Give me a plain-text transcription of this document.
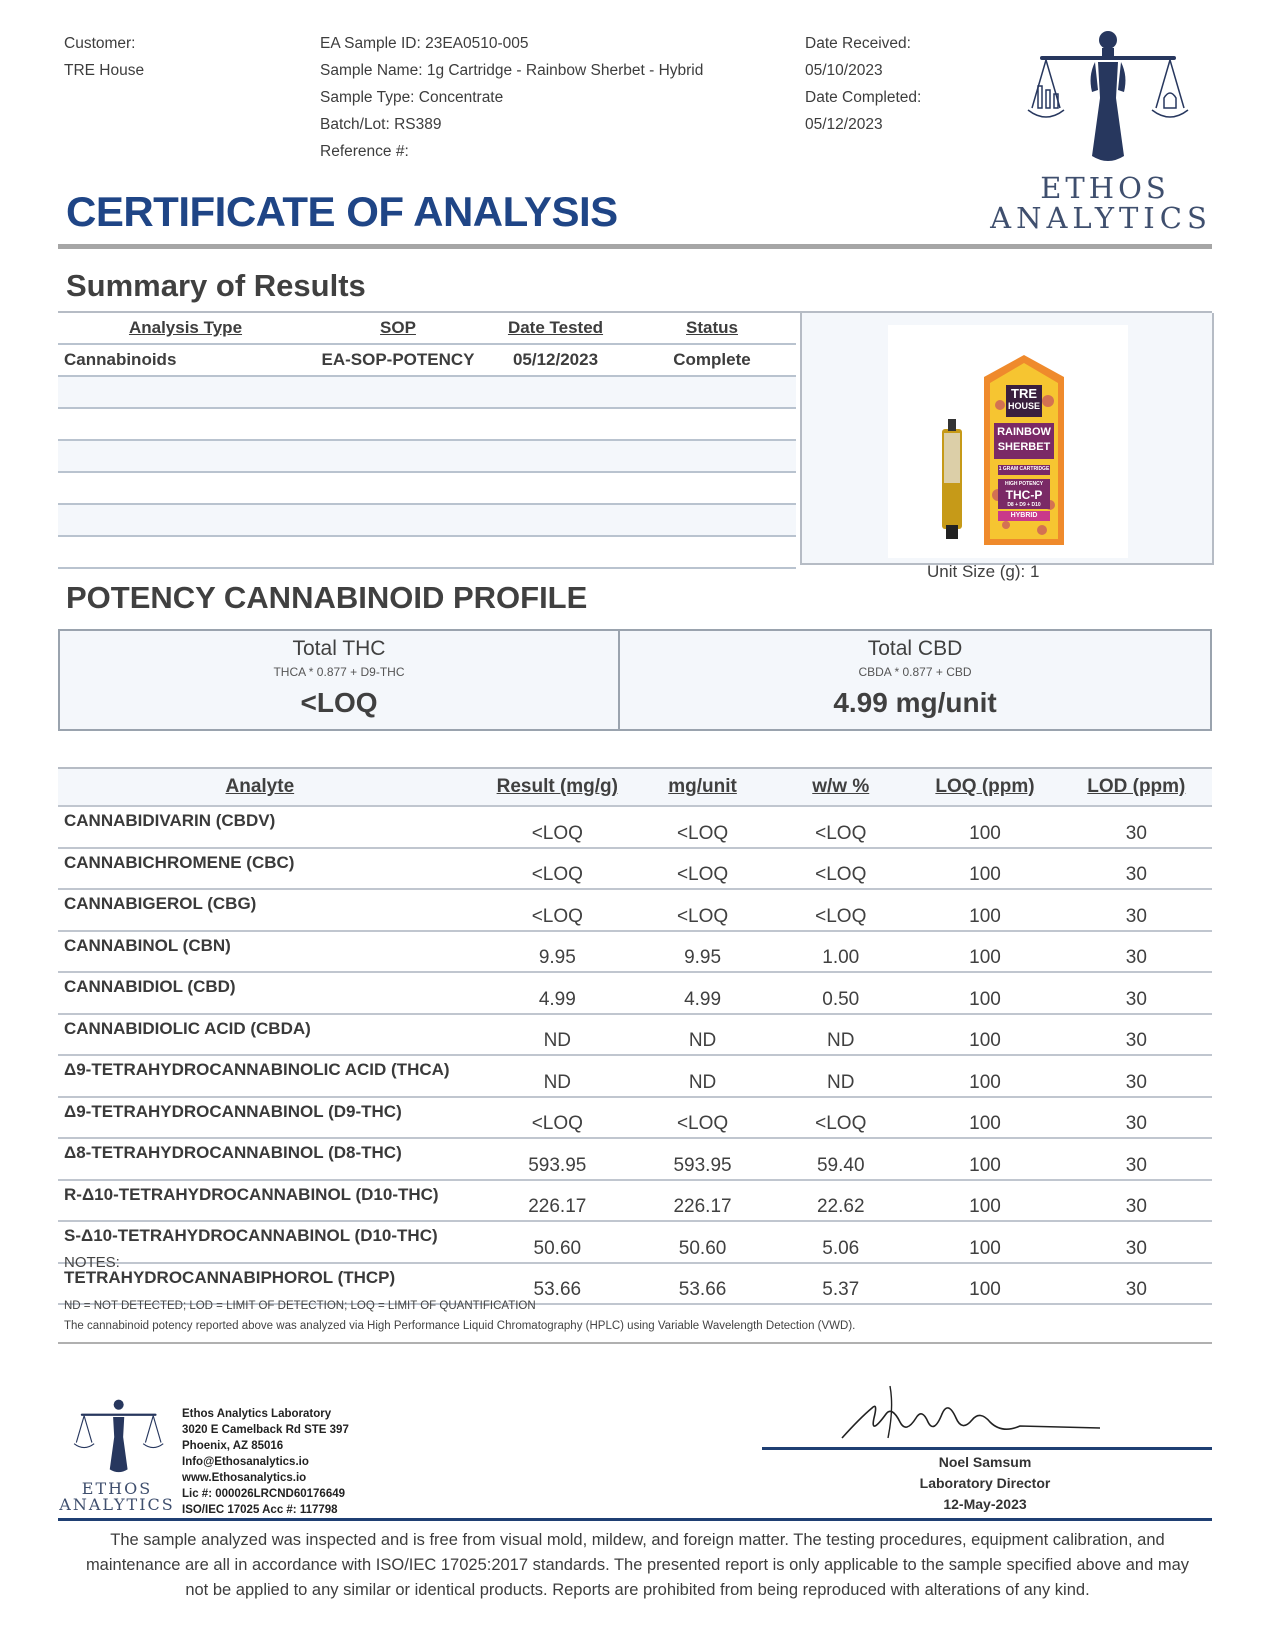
Customer:
TRE House
EA Sample ID: 23EA0510-005
Sample Name: 1g Cartridge - Rainbow Sherbet - Hybrid
Sample Type: Concentrate
Batch/Lot: RS389
Reference #:
Date Received:
05/10/2023
Date Completed:
05/12/2023
ETHOS
ANALYTICS
CERTIFICATE OF ANALYSIS
Summary of Results
Analysis Type	SOP	Date Tested	Status
Cannabinoids	EA-SOP-POTENCY	05/12/2023	Complete

TRE
HOUSE
RAINBOW
SHERBET
1 GRAM CARTRIDGE
HIGH POTENCY
THC-P
D8 + D9 + D10
HYBRID
Unit Size (g): 1
POTENCY CANNABINOID PROFILE
Total THC
THCA * 0.877 + D9-THC
<LOQ
Total CBD
CBDA * 0.877 + CBD
4.99 mg/unit
Analyte	Result (mg/g)	mg/unit	w/w %	LOQ (ppm)	LOD (ppm)
CANNABIDIVARIN (CBDV)	<LOQ	<LOQ	<LOQ	100	30
CANNABICHROMENE (CBC)	<LOQ	<LOQ	<LOQ	100	30
CANNABIGEROL (CBG)	<LOQ	<LOQ	<LOQ	100	30
CANNABINOL (CBN)	9.95	9.95	1.00	100	30
CANNABIDIOL (CBD)	4.99	4.99	0.50	100	30
CANNABIDIOLIC ACID (CBDA)	ND	ND	ND	100	30
Δ9-TETRAHYDROCANNABINOLIC ACID (THCA)	ND	ND	ND	100	30
Δ9-TETRAHYDROCANNABINOL (D9-THC)	<LOQ	<LOQ	<LOQ	100	30
Δ8-TETRAHYDROCANNABINOL (D8-THC)	593.95	593.95	59.40	100	30
R-Δ10-TETRAHYDROCANNABINOL (D10-THC)	226.17	226.17	22.62	100	30
S-Δ10-TETRAHYDROCANNABINOL (D10-THC)	50.60	50.60	5.06	100	30
TETRAHYDROCANNABIPHOROL (THCP)	53.66	53.66	5.37	100	30
NOTES:
ND = NOT DETECTED; LOD = LIMIT OF DETECTION; LOQ = LIMIT OF QUANTIFICATION
The cannabinoid potency reported above was analyzed via High Performance Liquid Chromatography (HPLC) using Variable Wavelength Detection (VWD).
ETHOS
ANALYTICS
Ethos Analytics Laboratory
3020 E Camelback Rd STE 397
Phoenix, AZ 85016
Info@Ethosanalytics.io
www.Ethosanalytics.io
Lic #: 000026LRCND60176649
ISO/IEC 17025 Acc #: 117798
Noel Samsum
Laboratory Director
12-May-2023
The sample analyzed was inspected and is free from visual mold, mildew, and foreign matter. The testing procedures, equipment calibration, and
maintenance are all in accordance with ISO/IEC 17025:2017 standards. The presented report is only applicable to the sample specified above and may
not be applied to any similar or identical products. Reports are prohibited from being reproduced with alterations of any kind.
